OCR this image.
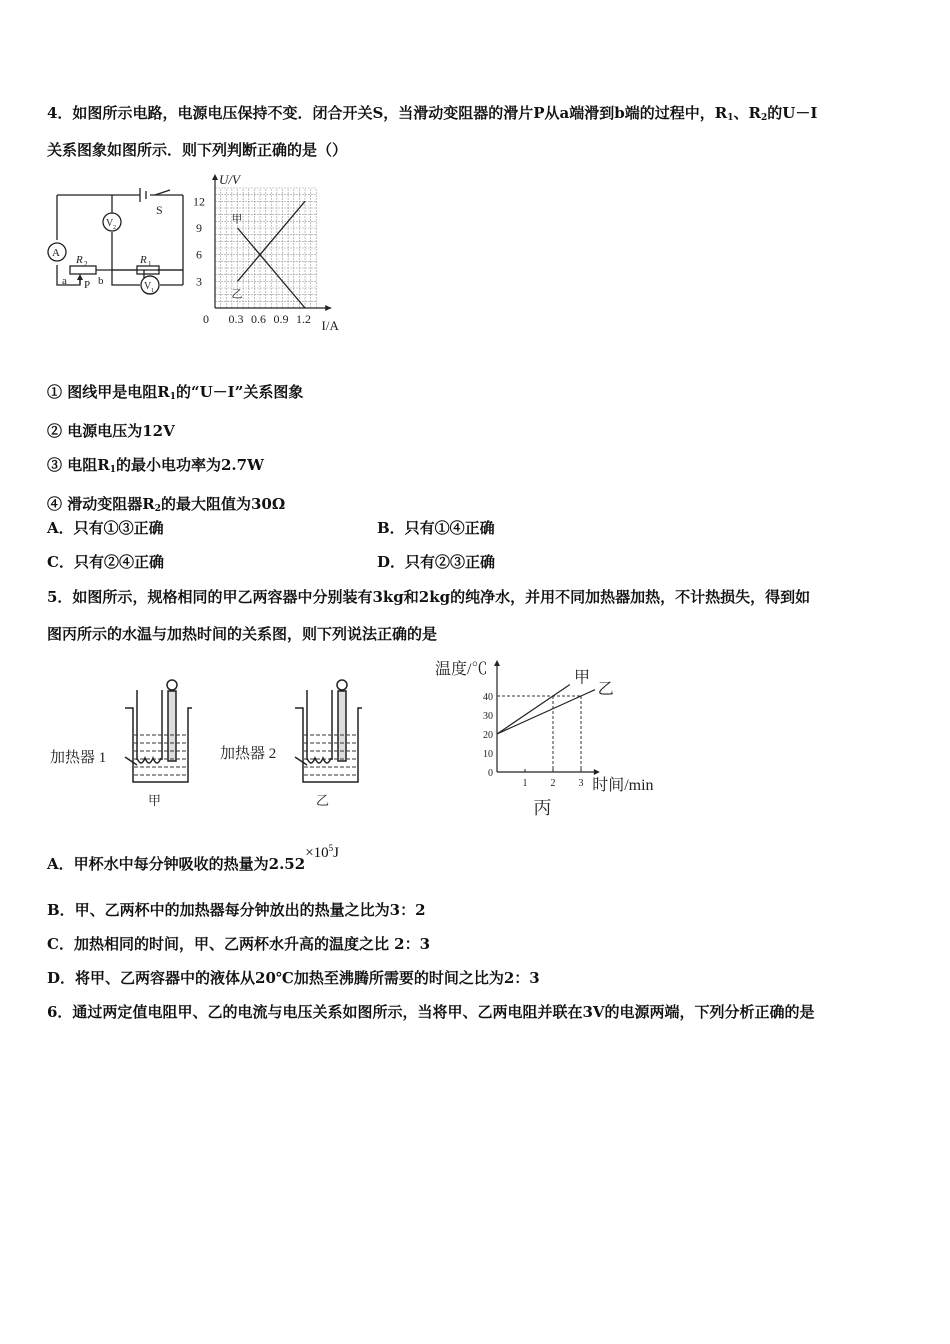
4．如图所示电路，电源电压保持不变．闭合开关S，当滑动变阻器的滑片P从a端滑到b端的过程中，$R_1$、$R_2$的U－I
关系图象如图所示．则下列判断正确的是（）
A
V 2
V 1
R 2	R 1
a	b
P
S
0 0.3 0.6 0.9 1.2
3
6
9
12
I/A
U/V
甲
乙
① 图线甲是电阻$R_1$的“U－I”关系图象
② 电源电压为12V
③ 电阻$R_1$的最小电功率为2.7W
④ 滑动变阻器$R_2$的最大阻值为30Ω
A．只有①③正确	B．只有①④正确
C．只有②④正确	D．只有②③正确
5．如图所示，规格相同的甲乙两容器中分别装有3kg和2kg的纯净水，并用不同加热器加热，不计热损失，得到如
图丙所示的水温与加热时间的关系图，则下列说法正确的是
加热器 1	加热器 2
甲	乙
1 2 3
0
10
20
30
40
甲
乙
温度/℃
时间/min
丙
A．甲杯水中每分钟吸收的热量为$2.52\times 10^5J$
B．甲、乙两杯中的加热器每分钟放出的热量之比为3：2
C．加热相同的时间，甲、乙两杯水升高的温度之比 2：3
D．将甲、乙两容器中的液体从20℃加热至沸腾所需要的时间之比为2：3
6．通过两定值电阻甲、乙的电流与电压关系如图所示，当将甲、乙两电阻并联在3V的电源两端，下列分析正确的是
